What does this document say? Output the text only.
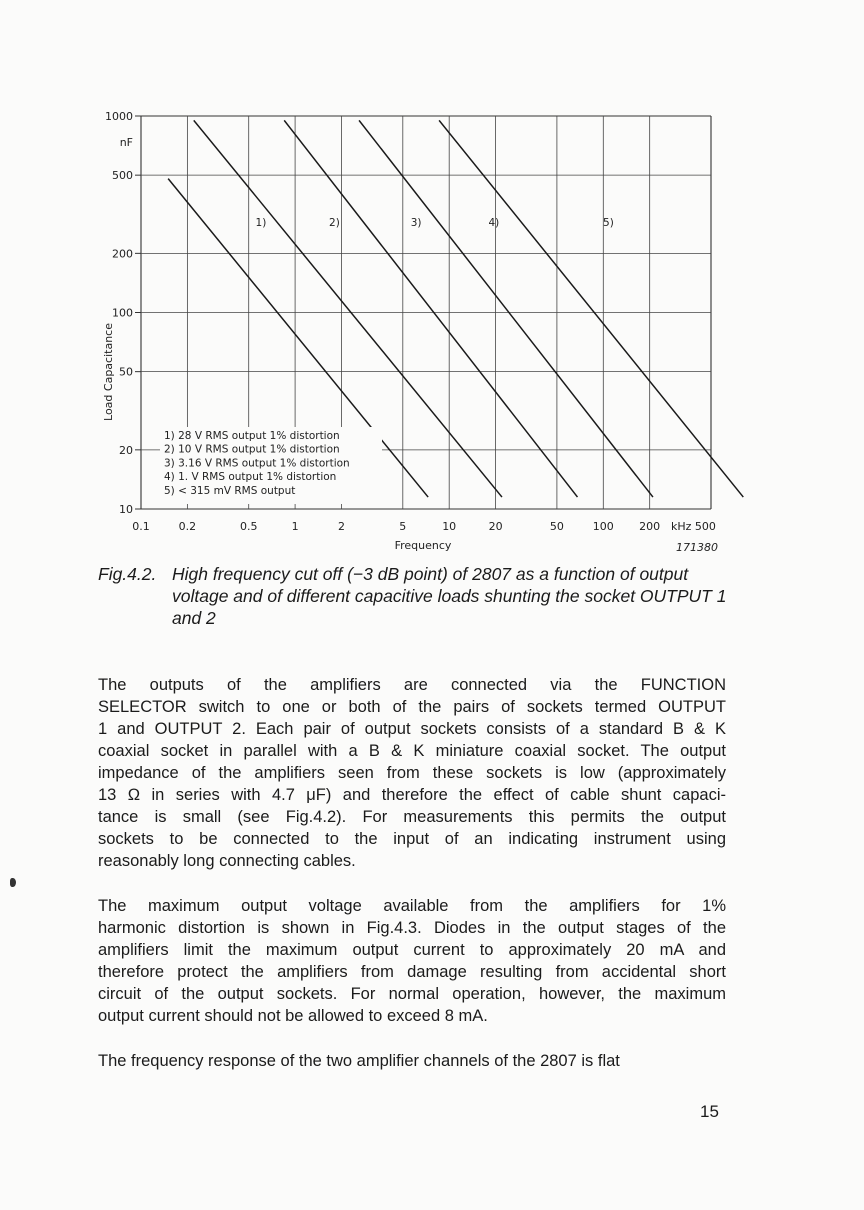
1)	2)	3)	4)	5)
0.1	0.2	0.5	1	2	5	10	20	50	100 200
1000
500
200
100
50
20
10
Load Capacitance
Frequency
nF
kHz 500
171380
1) 28 V RMS output 1% distortion
2) 10 V RMS output 1% distortion
3) 3.16 V RMS output 1% distortion
4) 1. V RMS output 1% distortion
5) < 315 mV RMS output
Fig.4.2. High frequency cut off (−3 dB point) of 2807 as a function of output voltage and of different capacitive loads shunting the socket OUTPUT 1 and 2
The outputs of the amplifiers are connected via the FUNCTION
SELECTOR switch to one or both of the pairs of sockets termed OUTPUT
1 and OUTPUT 2. Each pair of output sockets consists of a standard B & K
coaxial socket in parallel with a B & K miniature coaxial socket. The output
impedance of the amplifiers seen from these sockets is low (approximately
13 Ω in series with 4.7 μF) and therefore the effect of cable shunt capaci-
tance is small (see Fig.4.2). For measurements this permits the output
sockets to be connected to the input of an indicating instrument using
reasonably long connecting cables.
The maximum output voltage available from the amplifiers for 1%
harmonic distortion is shown in Fig.4.3. Diodes in the output stages of the
amplifiers limit the maximum output current to approximately 20 mA and
therefore protect the amplifiers from damage resulting from accidental short
circuit of the output sockets. For normal operation, however, the maximum
output current should not be allowed to exceed 8 mA.
The frequency response of the two amplifier channels of the 2807 is flat
15
